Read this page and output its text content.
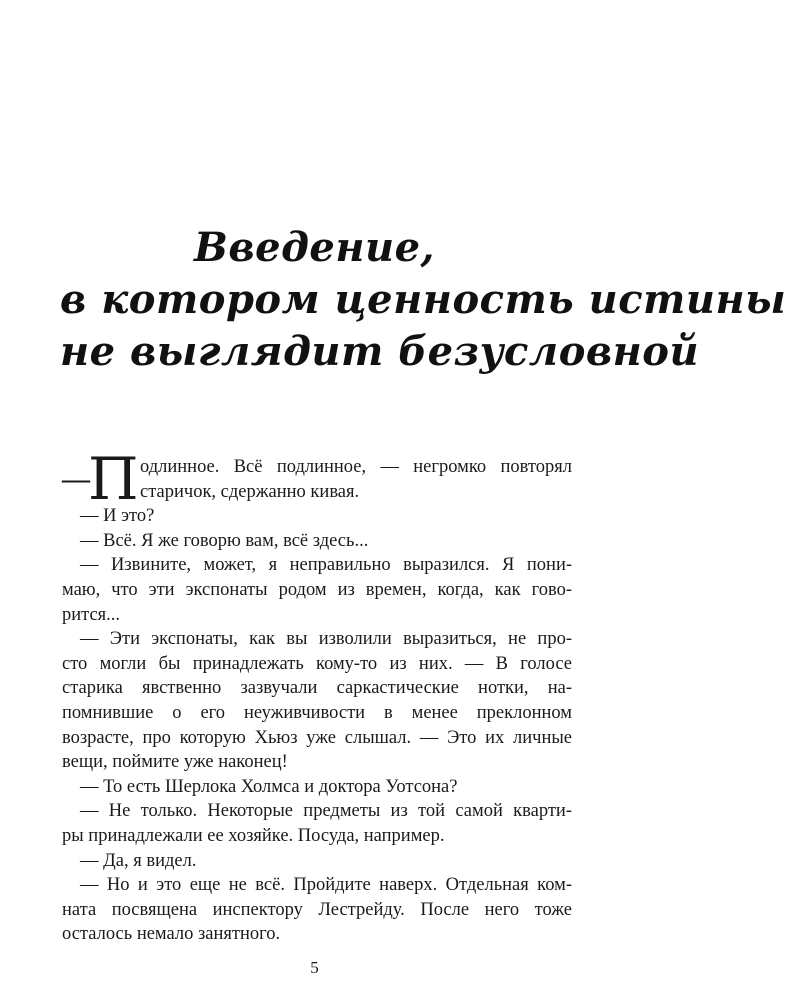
Введение,
в котором ценность истины
не выглядит безусловной
—
П одлинное. Всё подлинное, — негромко повторял
старичок, сдержанно кивая.
— И это?
— Всё. Я же говорю вам, всё здесь...
— Извините, может, я неправильно выразился. Я пони-
маю, что эти экспонаты родом из времен, когда, как гово-
рится...
— Эти экспонаты, как вы изволили выразиться, не про-
сто могли бы принадлежать кому-то из них. — В голосе
старика явственно зазвучали саркастические нотки, на-
помнившие о его неуживчивости в менее преклонном
возрасте, про которую Хьюз уже слышал. — Это их личные
вещи, поймите уже наконец!
— То есть Шерлока Холмса и доктора Уотсона?
— Не только. Некоторые предметы из той самой кварти-
ры принадлежали ее хозяйке. Посуда, например.
— Да, я видел.
— Но и это еще не всё. Пройдите наверх. Отдельная ком-
ната посвящена инспектору Лестрейду. После него тоже
осталось немало занятного.
5
